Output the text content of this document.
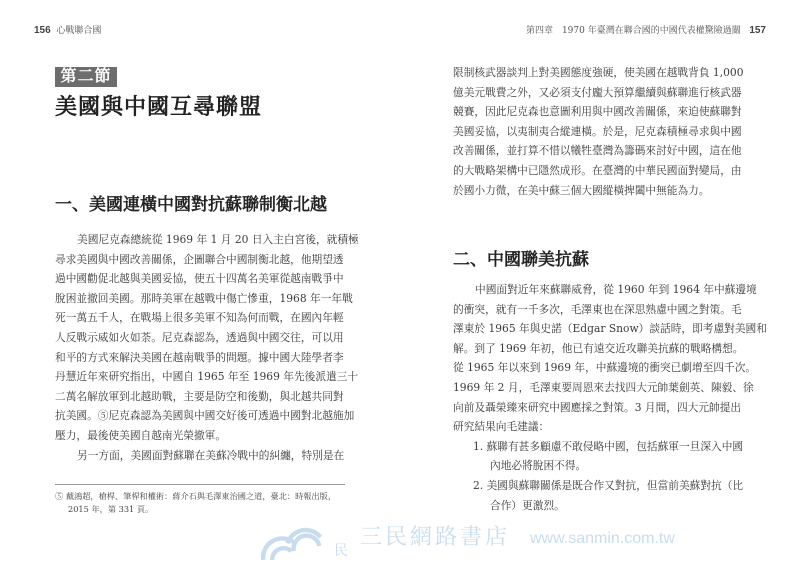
156 心戰聯合國	第四章　1970 年臺灣在聯合國的中國代表權驚險過關 157
民
三民網路書店 www.sanmin.com.tw
第二節
美國與中國互尋聯盟
一、美國連橫中國對抗蘇聯制衡北越
美國尼克森總統從 1969 年 1 月 20 日入主白宮後，就積極
尋求美國與中國改善關係，企圖聯合中國制衡北越，他期望透
過中國勸促北越與美國妥協，使五十四萬名美軍從越南戰爭中
脫困並撤回美國。那時美軍在越戰中傷亡慘重，1968 年一年戰
死一萬五千人，在戰場上很多美軍不知為何而戰，在國內年輕
人反戰示威如火如荼。尼克森認為，透過與中國交往，可以用
和平的方式來解決美國在越南戰爭的問題。據中國大陸學者李
丹慧近年來研究指出，中國自 1965 年至 1969 年先後派遣三十
二萬名解放軍到北越助戰，主要是防空和後勤，與北越共同對
抗美國。⑤尼克森認為美國與中國交好後可透過中國對北越施加
壓力，最後使美國自越南光榮撤軍。
另一方面，美國面對蘇聯在美蘇冷戰中的糾纏，特別是在
⑤ 戴鴻超，槍桿、筆桿和權術：蔣介石與毛澤東治國之道，臺北：時報出版，
2015 年，第 331 頁。
限制核武器談判上對美國態度強硬，使美國在越戰背負 1,000
億美元戰費之外，又必須支付龐大預算繼續與蘇聯進行核武器
競賽，因此尼克森也意圖利用與中國改善關係，來迫使蘇聯對
美國妥協，以夷制夷合縱連橫。於是，尼克森積極尋求與中國
改善關係，並打算不惜以犧牲臺灣為籌碼來討好中國，這在他
的大戰略架構中已隱然成形。在臺灣的中華民國面對變局，由
於國小力微，在美中蘇三個大國縱橫捭闔中無能為力。
二、中國聯美抗蘇
中國面對近年來蘇聯威脅，從 1960 年到 1964 年中蘇邊境
的衝突，就有一千多次，毛澤東也在深思熟慮中國之對策。毛
澤東於 1965 年與史諾（Edgar Snow）談話時，即考慮對美國和
解。到了 1969 年初，他已有遠交近攻聯美抗蘇的戰略構想。
從 1965 年以來到 1969 年，中蘇邊境的衝突已劇增至四千次。
1969 年 2 月，毛澤東要周恩來去找四大元帥葉劍英、陳毅、徐
向前及聶榮臻來研究中國應採之對策。3 月間，四大元帥提出
研究結果向毛建議：
1. 蘇聯有甚多顧慮不敢侵略中國，包括蘇軍一旦深入中國
內地必將脫困不得。
2. 美國與蘇聯關係是既合作又對抗，但當前美蘇對抗（比
合作）更激烈。
